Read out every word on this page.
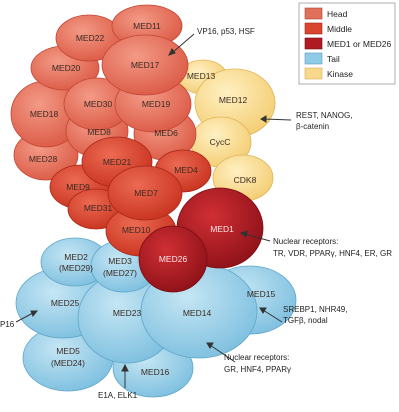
MED11
MED22
MED17
MED20
MED18
MED30	MED19
MED8	MED6
MED28
MED13
MED12
CycC
CDK8
MED21
MED4
MED9
MED7
MED31
MED10	MED1
MED26
MED2
(MED29)
MED3
(MED27)
MED25
MED15
MED23	MED14
MED5
(MED24)
MED16
VP16, p53, HSF
REST, NANOG,
β-catenin
Nuclear receptors:
TR, VDR, PPARγ, HNF4, ER, GR
SREBP1, NHR49,
TGFβ, nodal
Nuclear receptors:
GR, HNF4, PPARγ
E1A, ELK1
P16
Head
Middle
MED1 or MED26
Tail
Kinase
